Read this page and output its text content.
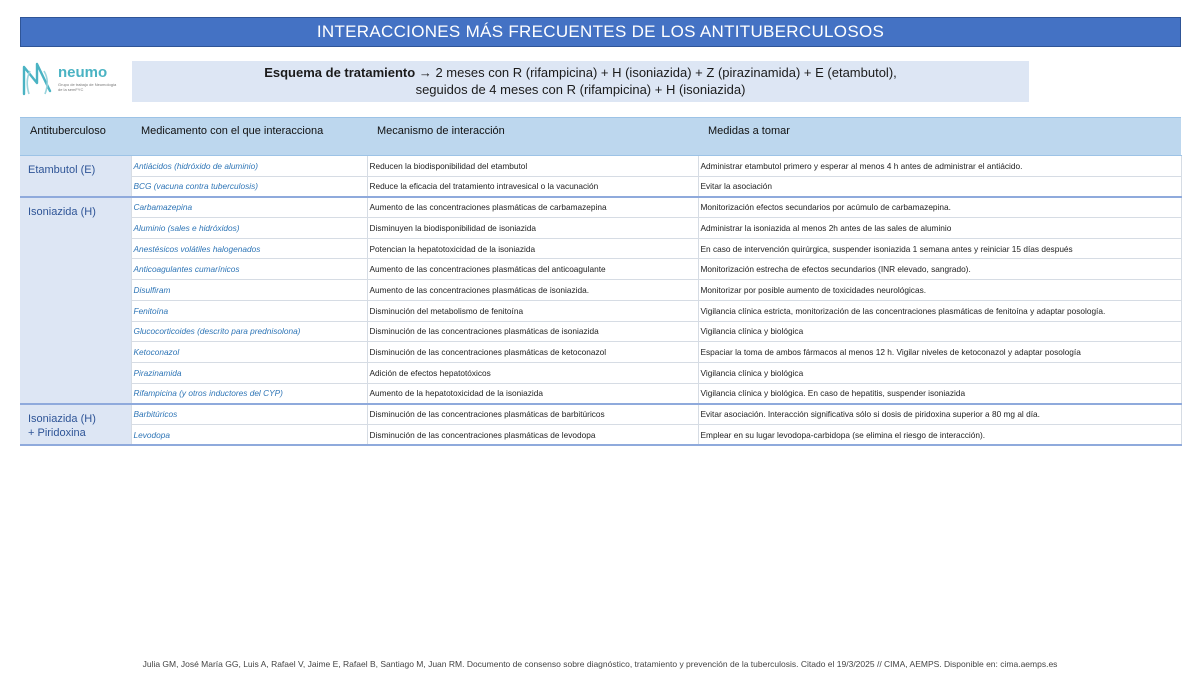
INTERACCIONES MÁS FRECUENTES DE LOS ANTITUBERCULOSOS
neumo
Grupo de trabajo de Neumología de la semFYC
Esquema de tratamiento → 2 meses con R (rifampicina) + H (isoniazida) + Z (pirazinamida) + E (etambutol),
seguidos de 4 meses con R (rifampicina) + H (isoniazida)
Antituberculoso	Medicamento con el que interacciona	Mecanismo de interacción	Medidas a tomar
Etambutol (E)	Antiácidos (hidróxido de aluminio)	Reducen la biodisponibilidad del etambutol	Administrar etambutol primero y esperar al menos 4 h antes de administrar el antiácido.
	BCG (vacuna contra tuberculosis)	Reduce la eficacia del tratamiento intravesical o la vacunación	Evitar la asociación
Isoniazida (H)	Carbamazepina	Aumento de las concentraciones plasmáticas de carbamazepina	Monitorización efectos secundarios por acúmulo de carbamazepina.
	Aluminio (sales e hidróxidos)	Disminuyen la biodisponibilidad de isoniazida	Administrar la isoniazida al menos 2h antes de las sales de aluminio
	Anestésicos volátiles halogenados	Potencian la hepatotoxicidad de la isoniazida	En caso de intervención quirúrgica, suspender isoniazida 1 semana antes y reiniciar 15 días después
	Anticoagulantes cumarínicos	Aumento de las concentraciones plasmáticas del anticoagulante	Monitorización estrecha de efectos secundarios (INR elevado, sangrado).
	Disulfiram	Aumento de las concentraciones plasmáticas de isoniazida.	Monitorizar por posible aumento de toxicidades neurológicas.
	Fenitoína	Disminución del metabolismo de fenitoína	Vigilancia clínica estricta, monitorización de las concentraciones plasmáticas de fenitoína y adaptar posología.
	Glucocorticoides (descrito para prednisolona)	Disminución de las concentraciones plasmáticas de isoniazida	Vigilancia clínica y biológica
	Ketoconazol	Disminución de las concentraciones plasmáticas de ketoconazol	Espaciar la toma de ambos fármacos al menos 12 h. Vigilar niveles de ketoconazol y adaptar posología
	Pirazinamida	Adición de efectos hepatotóxicos	Vigilancia clínica y biológica
	Rifampicina (y otros inductores del CYP)	Aumento de la hepatotoxicidad de la isoniazida	Vigilancia clínica y biológica. En caso de hepatitis, suspender isoniazida

Isoniazida (H)
+ Piridoxina	Barbitúricos	Disminución de las concentraciones plasmáticas de barbitúricos	Evitar asociación. Interacción significativa sólo si dosis de piridoxina superior a 80 mg al día.
	Levodopa	Disminución de las concentraciones plasmáticas de levodopa	Emplear en su lugar levodopa-carbidopa (se elimina el riesgo de interacción).
Julia GM, José María GG, Luis A, Rafael V, Jaime E, Rafael B, Santiago M, Juan RM. Documento de consenso sobre diagnóstico, tratamiento y prevención de la tuberculosis. Citado el 19/3/2025 // CIMA, AEMPS. Disponible en: cima.aemps.es
